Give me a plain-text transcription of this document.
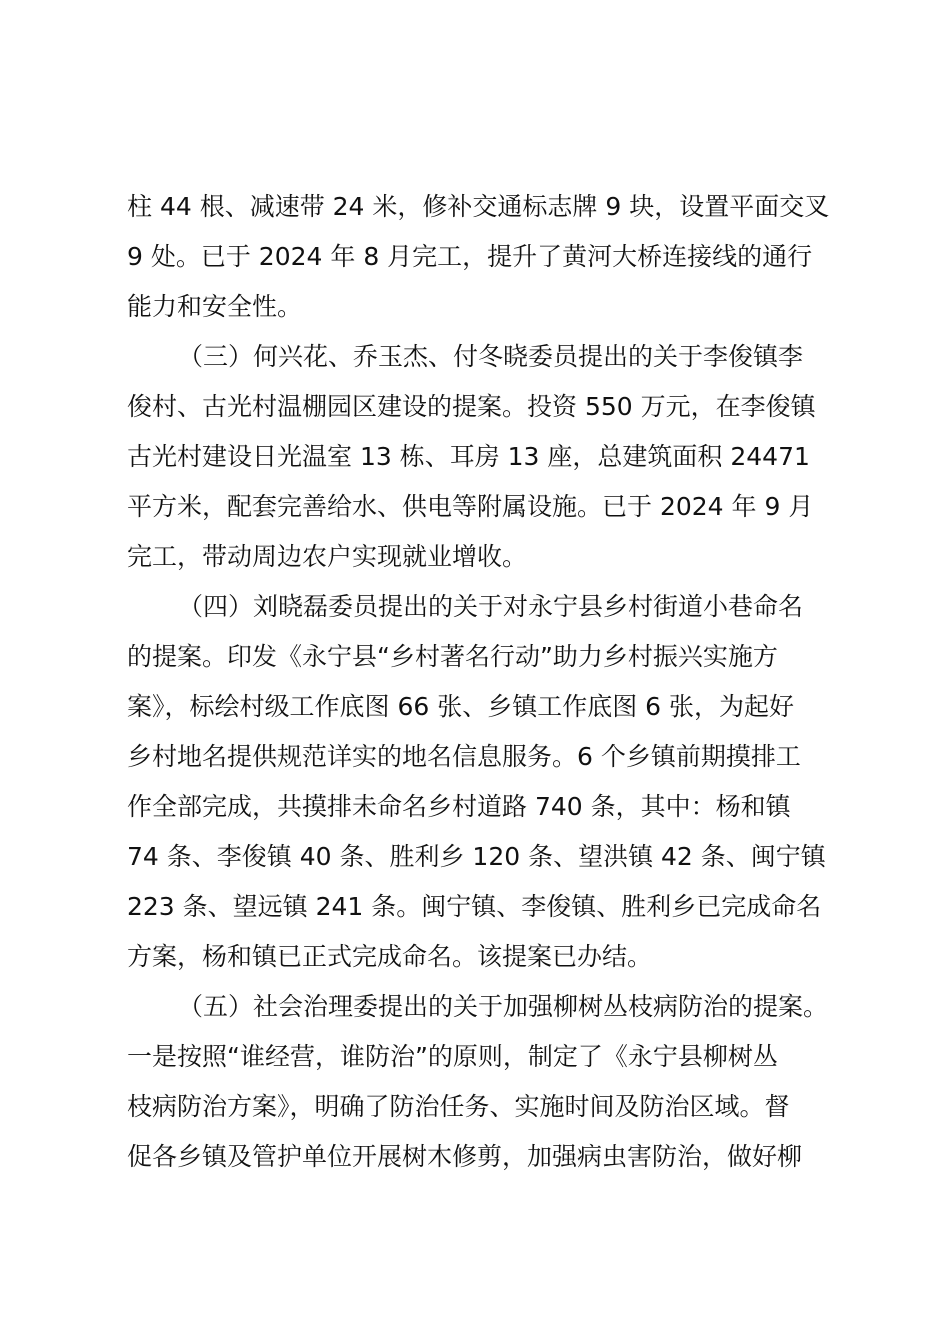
柱 44 根、减速带 24 米，修补交通标志牌 9 块，设置平面交叉
9 处。已于 2024 年 8 月完工，提升了黄河大桥连接线的通行
能力和安全性。
（三）何兴花、乔玉杰、付冬晓委员提出的关于李俊镇李
俊村、古光村温棚园区建设的提案。投资 550 万元，在李俊镇
古光村建设日光温室 13 栋、耳房 13 座，总建筑面积 24471
平方米，配套完善给水、供电等附属设施。已于 2024 年 9 月
完工，带动周边农户实现就业增收。
（四）刘晓磊委员提出的关于对永宁县乡村街道小巷命名
的提案。印发《永宁县“乡村著名行动”助力乡村振兴实施方
案》，标绘村级工作底图 66 张、乡镇工作底图 6 张，为起好
乡村地名提供规范详实的地名信息服务。6 个乡镇前期摸排工
作全部完成，共摸排未命名乡村道路 740 条，其中：杨和镇
74 条、李俊镇 40 条、胜利乡 120 条、望洪镇 42 条、闽宁镇
223 条、望远镇 241 条。闽宁镇、李俊镇、胜利乡已完成命名
方案，杨和镇已正式完成命名。该提案已办结。
（五）社会治理委提出的关于加强柳树丛枝病防治的提案。
一是按照“谁经营，谁防治”的原则，制定了《永宁县柳树丛
枝病防治方案》，明确了防治任务、实施时间及防治区域。督
促各乡镇及管护单位开展树木修剪，加强病虫害防治，做好柳
